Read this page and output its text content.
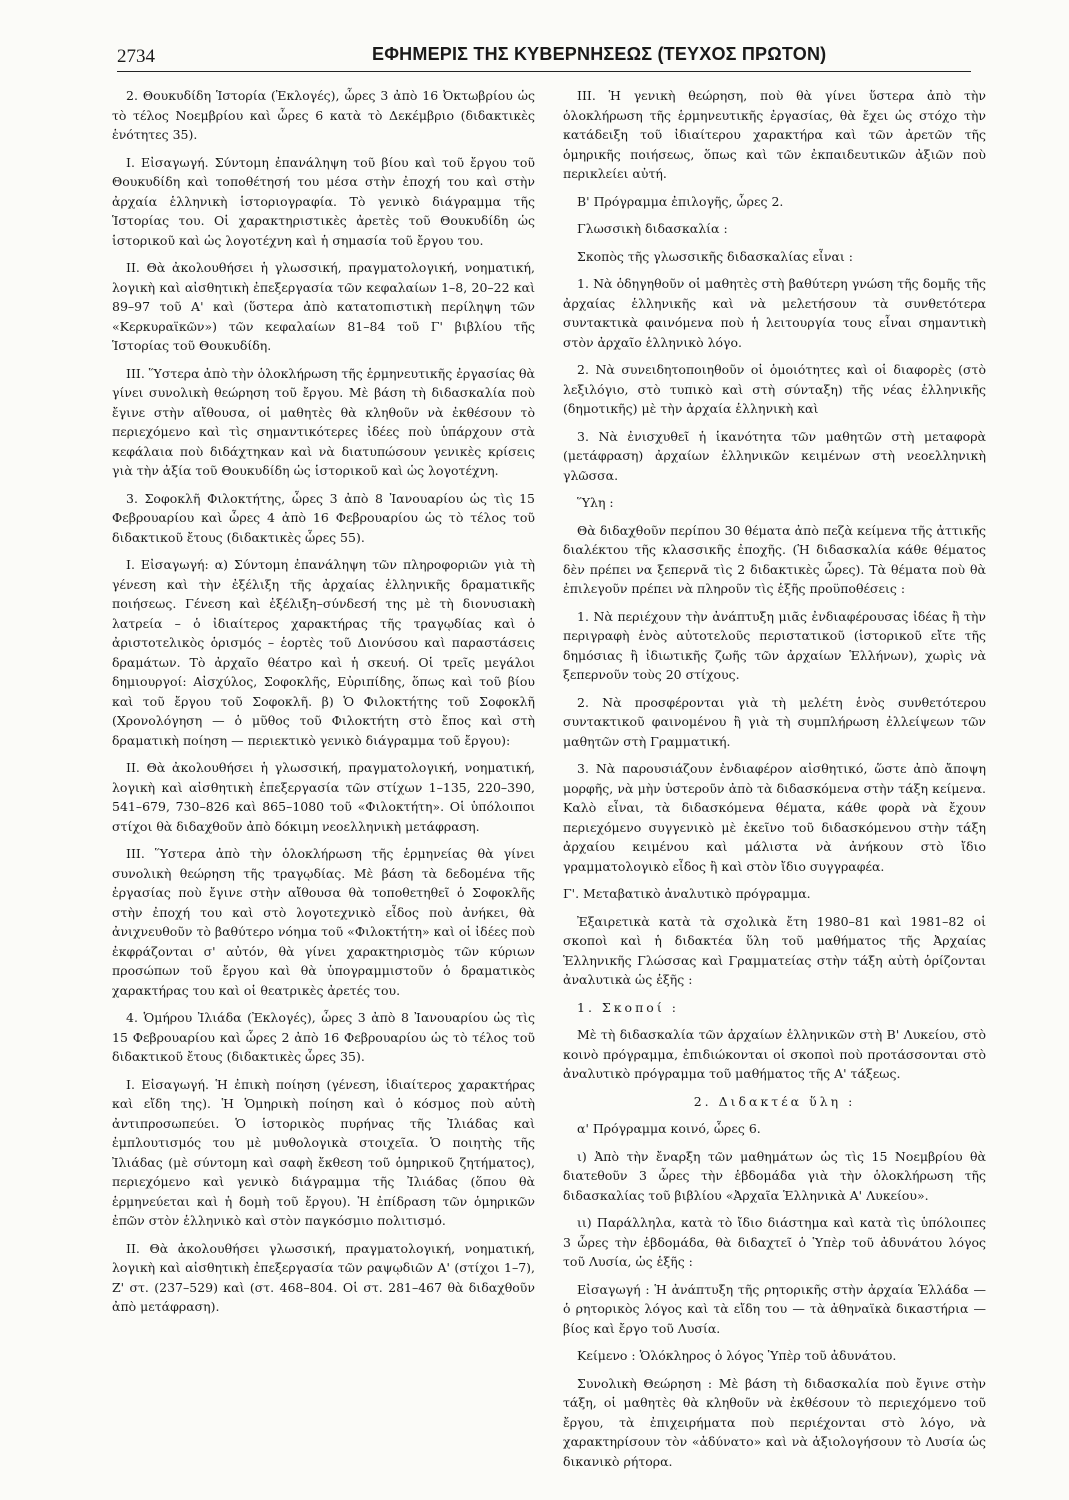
2734	ΕΦΗΜΕΡΙΣ ΤΗΣ ΚΥΒΕΡΝΗΣΕΩΣ (ΤΕΥΧΟΣ ΠΡΩΤΟΝ)

2. Θουκυδίδη Ἱστορία (Ἐκλογές), ὧρες 3 ἀπὸ 16 Ὀκτωβρίου ὡς τὸ τέλος Νοεμβρίου καὶ ὧρες 6 κατὰ τὸ Δεκέμβριο (διδακτικὲς ἑνότητες 35).

Ι. Εἰσαγωγή. Σύντομη ἐπανάληψη τοῦ βίου καὶ τοῦ ἔργου τοῦ Θουκυδίδη καὶ τοποθέτησή του μέσα στὴν ἐποχή του καὶ στὴν ἀρχαία ἑλληνικὴ ἱστοριογραφία. Τὸ γενικὸ διάγραμμα τῆς Ἱστορίας του. Οἱ χαρακτηριστικὲς ἀρετὲς τοῦ Θουκυδίδη ὡς ἱστορικοῦ καὶ ὡς λογοτέχνη καὶ ἡ σημασία τοῦ ἔργου του.

ΙΙ. Θὰ ἀκολουθήσει ἡ γλωσσική, πραγματολογική, νοηματική, λογικὴ καὶ αἰσθητικὴ ἐπεξεργασία τῶν κεφαλαίων 1–8, 20–22 καὶ 89–97 τοῦ Α' καὶ (ὕστερα ἀπὸ κατατοπιστικὴ περίληψη τῶν «Κερκυραϊκῶν») τῶν κεφαλαίων 81–84 τοῦ Γ' βιβλίου τῆς Ἱστορίας τοῦ Θουκυδίδη.

ΙΙΙ. Ὕστερα ἀπὸ τὴν ὁλοκλήρωση τῆς ἑρμηνευτικῆς ἐργασίας θὰ γίνει συνολικὴ θεώρηση τοῦ ἔργου. Μὲ βάση τὴ διδασκαλία ποὺ ἔγινε στὴν αἴθουσα, οἱ μαθητὲς θὰ κληθοῦν νὰ ἐκθέσουν τὸ περιεχόμενο καὶ τὶς σημαντικότερες ἰδέες ποὺ ὑπάρχουν στὰ κεφάλαια ποὺ διδάχτηκαν καὶ νὰ διατυπώσουν γενικὲς κρίσεις γιὰ τὴν ἀξία τοῦ Θουκυδίδη ὡς ἱστορικοῦ καὶ ὡς λογοτέχνη.

3. Σοφοκλῆ Φιλοκτήτης, ὧρες 3 ἀπὸ 8 Ἰανουαρίου ὡς τὶς 15 Φεβρουαρίου καὶ ὧρες 4 ἀπὸ 16 Φεβρουαρίου ὡς τὸ τέλος τοῦ διδακτικοῦ ἔτους (διδακτικὲς ὧρες 55).

Ι. Εἰσαγωγή: α) Σύντομη ἐπανάληψη τῶν πληροφοριῶν γιὰ τὴ γένεση καὶ τὴν ἐξέλιξη τῆς ἀρχαίας ἑλληνικῆς δραματικῆς ποιήσεως. Γένεση καὶ ἐξέλιξη–σύνδεσή της μὲ τὴ διονυσιακὴ λατρεία – ὁ ἰδιαίτερος χαρακτήρας τῆς τραγῳδίας καὶ ὁ ἀριστοτελικὸς ὁρισμός – ἑορτὲς τοῦ Διονύσου καὶ παραστάσεις δραμάτων. Τὸ ἀρχαῖο θέατρο καὶ ἡ σκευή. Οἱ τρεῖς μεγάλοι δημιουργοί: Αἰσχύλος, Σοφοκλῆς, Εὐριπίδης, ὅπως καὶ τοῦ βίου καὶ τοῦ ἔργου τοῦ Σοφοκλῆ. β) Ὁ Φιλοκτήτης τοῦ Σοφοκλῆ (Χρονολόγηση — ὁ μῦθος τοῦ Φιλοκτήτη στὸ ἔπος καὶ στὴ δραματικὴ ποίηση — περιεκτικὸ γενικὸ διάγραμμα τοῦ ἔργου):

ΙΙ. Θὰ ἀκολουθήσει ἡ γλωσσική, πραγματολογική, νοηματική, λογικὴ καὶ αἰσθητικὴ ἐπεξεργασία τῶν στίχων 1–135, 220–390, 541–679, 730–826 καὶ 865–1080 τοῦ «Φιλοκτήτη». Οἱ ὑπόλοιποι στίχοι θὰ διδαχθοῦν ἀπὸ δόκιμη νεοελληνικὴ μετάφραση.

ΙΙΙ. Ὕστερα ἀπὸ τὴν ὁλοκλήρωση τῆς ἑρμηνείας θὰ γίνει συνολικὴ θεώρηση τῆς τραγῳδίας. Μὲ βάση τὰ δεδομένα τῆς ἐργασίας ποὺ ἔγινε στὴν αἴθουσα θὰ τοποθετηθεῖ ὁ Σοφοκλῆς στὴν ἐποχή του καὶ στὸ λογοτεχνικὸ εἶδος ποὺ ἀνήκει, θὰ ἀνιχνευθοῦν τὸ βαθύτερο νόημα τοῦ «Φιλοκτήτη» καὶ οἱ ἰδέες ποὺ ἐκφράζονται σ' αὐτόν, θὰ γίνει χαρακτηρισμὸς τῶν κύριων προσώπων τοῦ ἔργου καὶ θὰ ὑπογραμμιστοῦν ὁ δραματικὸς χαρακτήρας του καὶ οἱ θεατρικὲς ἀρετές του.

4. Ὁμήρου Ἰλιάδα (Ἐκλογές), ὧρες 3 ἀπὸ 8 Ἰανουαρίου ὡς τὶς 15 Φεβρουαρίου καὶ ὧρες 2 ἀπὸ 16 Φεβρουαρίου ὡς τὸ τέλος τοῦ διδακτικοῦ ἔτους (διδακτικὲς ὧρες 35).

Ι. Εἰσαγωγή. Ἡ ἐπικὴ ποίηση (γένεση, ἰδιαίτερος χαρακτήρας καὶ εἴδη της). Ἡ Ὁμηρικὴ ποίηση καὶ ὁ κόσμος ποὺ αὐτὴ ἀντιπροσωπεύει. Ὁ ἱστορικὸς πυρήνας τῆς Ἰλιάδας καὶ ἐμπλουτισμός του μὲ μυθολογικὰ στοιχεῖα. Ὁ ποιητὴς τῆς Ἰλιάδας (μὲ σύντομη καὶ σαφὴ ἔκθεση τοῦ ὁμηρικοῦ ζητήματος), περιεχόμενο καὶ γενικὸ διάγραμμα τῆς Ἰλιάδας (ὅπου θὰ ἑρμηνεύεται καὶ ἡ δομὴ τοῦ ἔργου). Ἡ ἐπίδραση τῶν ὁμηρικῶν ἐπῶν στὸν ἑλληνικὸ καὶ στὸν παγκόσμιο πολιτισμό.

ΙΙ. Θὰ ἀκολουθήσει γλωσσική, πραγματολογική, νοηματική, λογικὴ καὶ αἰσθητικὴ ἐπεξεργασία τῶν ραψῳδιῶν Α' (στίχοι 1–7), Ζ' στ. (237–529) καὶ (στ. 468–804. Οἱ στ. 281–467 θὰ διδαχθοῦν ἀπὸ μετάφραση).

ΙΙΙ. Ἡ γενικὴ θεώρηση, ποὺ θὰ γίνει ὕστερα ἀπὸ τὴν ὁλοκλήρωση τῆς ἑρμηνευτικῆς ἐργασίας, θὰ ἔχει ὡς στόχο τὴν κατάδειξη τοῦ ἰδιαίτερου χαρακτήρα καὶ τῶν ἀρετῶν τῆς ὁμηρικῆς ποιήσεως, ὅπως καὶ τῶν ἐκπαιδευτικῶν ἀξιῶν ποὺ περικλείει αὐτή.

Β' Πρόγραμμα ἐπιλογῆς, ὧρες 2.

Γλωσσικὴ διδασκαλία :

Σκοπὸς τῆς γλωσσικῆς διδασκαλίας εἶναι :

1. Νὰ ὁδηγηθοῦν οἱ μαθητὲς στὴ βαθύτερη γνώση τῆς δομῆς τῆς ἀρχαίας ἑλληνικῆς καὶ νὰ μελετήσουν τὰ συνθετότερα συντακτικὰ φαινόμενα ποὺ ἡ λειτουργία τους εἶναι σημαντικὴ στὸν ἀρχαῖο ἑλληνικὸ λόγο.

2. Νὰ συνειδητοποιηθοῦν οἱ ὁμοιότητες καὶ οἱ διαφορὲς (στὸ λεξιλόγιο, στὸ τυπικὸ καὶ στὴ σύνταξη) τῆς νέας ἑλληνικῆς (δημοτικῆς) μὲ τὴν ἀρχαία ἑλληνικὴ καὶ

3. Νὰ ἐνισχυθεῖ ἡ ἱκανότητα τῶν μαθητῶν στὴ μεταφορὰ (μετάφραση) ἀρχαίων ἑλληνικῶν κειμένων στὴ νεοελληνικὴ γλῶσσα.

Ὕλη :

Θὰ διδαχθοῦν περίπου 30 θέματα ἀπὸ πεζὰ κείμενα τῆς ἀττικῆς διαλέκτου τῆς κλασσικῆς ἐποχῆς. (Ἡ διδασκαλία κάθε θέματος δὲν πρέπει να ξεπερνᾶ τὶς 2 διδακτικὲς ὧρες). Τὰ θέματα ποὺ θὰ ἐπιλεγοῦν πρέπει νὰ πληροῦν τὶς ἑξῆς προϋποθέσεις :

1. Νὰ περιέχουν τὴν ἀνάπτυξη μιᾶς ἐνδιαφέρουσας ἰδέας ἢ τὴν περιγραφὴ ἑνὸς αὐτοτελοῦς περιστατικοῦ (ἱστορικοῦ εἴτε τῆς δημόσιας ἢ ἰδιωτικῆς ζωῆς τῶν ἀρχαίων Ἑλλήνων), χωρὶς νὰ ξεπερνοῦν τοὺς 20 στίχους.

2. Νὰ προσφέρονται γιὰ τὴ μελέτη ἑνὸς συνθετότερου συντακτικοῦ φαινομένου ἢ γιὰ τὴ συμπλήρωση ἐλλείψεων τῶν μαθητῶν στὴ Γραμματική.

3. Νὰ παρουσιάζουν ἐνδιαφέρον αἰσθητικό, ὥστε ἀπὸ ἄποψη μορφῆς, νὰ μὴν ὑστεροῦν ἀπὸ τὰ διδασκόμενα στὴν τάξη κείμενα. Καλὸ εἶναι, τὰ διδασκόμενα θέματα, κάθε φορὰ νὰ ἔχουν περιεχόμενο συγγενικὸ μὲ ἐκεῖνο τοῦ διδασκόμενου στὴν τάξη ἀρχαίου κειμένου καὶ μάλιστα νὰ ἀνήκουν στὸ ἴδιο γραμματολογικὸ εἶδος ἢ καὶ στὸν ἴδιο συγγραφέα.

Γ'. Μεταβατικὸ ἀναλυτικὸ πρόγραμμα.

Ἐξαιρετικὰ κατὰ τὰ σχολικὰ ἔτη 1980–81 καὶ 1981–82 οἱ σκοποὶ καὶ ἡ διδακτέα ὕλη τοῦ μαθήματος τῆς Ἀρχαίας Ἑλληνικῆς Γλώσσας καὶ Γραμματείας στὴν τάξη αὐτὴ ὁρίζονται ἀναλυτικὰ ὡς ἑξῆς :

1. Σκοποί :

Μὲ τὴ διδασκαλία τῶν ἀρχαίων ἑλληνικῶν στὴ Β' Λυκείου, στὸ κοινὸ πρόγραμμα, ἐπιδιώκονται οἱ σκοποὶ ποὺ προτάσσονται στὸ ἀναλυτικὸ πρόγραμμα τοῦ μαθήματος τῆς Α' τάξεως.

2. Διδακτέα ὕλη :

α' Πρόγραμμα κοινό, ὧρες 6.

ι) Ἀπὸ τὴν ἔναρξη τῶν μαθημάτων ὡς τὶς 15 Νοεμβρίου θὰ διατεθοῦν 3 ὧρες τὴν ἑβδομάδα γιὰ τὴν ὁλοκλήρωση τῆς διδασκαλίας τοῦ βιβλίου «Ἀρχαῖα Ἑλληνικὰ Α' Λυκείου».

ιι) Παράλληλα, κατὰ τὸ ἴδιο διάστημα καὶ κατὰ τὶς ὑπόλοιπες 3 ὧρες τὴν ἑβδομάδα, θὰ διδαχτεῖ ὁ Ὑπὲρ τοῦ ἀδυνάτου λόγος τοῦ Λυσία, ὡς ἑξῆς :

Εἰσαγωγή : Ἡ ἀνάπτυξη τῆς ρητορικῆς στὴν ἀρχαία Ἑλλάδα — ὁ ρητορικὸς λόγος καὶ τὰ εἴδη του — τὰ ἀθηναϊκὰ δικαστήρια — βίος καὶ ἔργο τοῦ Λυσία.

Κείμενο : Ὁλόκληρος ὁ λόγος Ὑπὲρ τοῦ ἀδυνάτου.

Συνολικὴ Θεώρηση : Μὲ βάση τὴ διδασκαλία ποὺ ἔγινε στὴν τάξη, οἱ μαθητὲς θὰ κληθοῦν νὰ ἐκθέσουν τὸ περιεχόμενο τοῦ ἔργου, τὰ ἐπιχειρήματα ποὺ περιέχονται στὸ λόγο, νὰ χαρακτηρίσουν τὸν «ἀδύνατο» καὶ νὰ ἀξιολογήσουν τὸ Λυσία ὡς δικανικὸ ρήτορα.
